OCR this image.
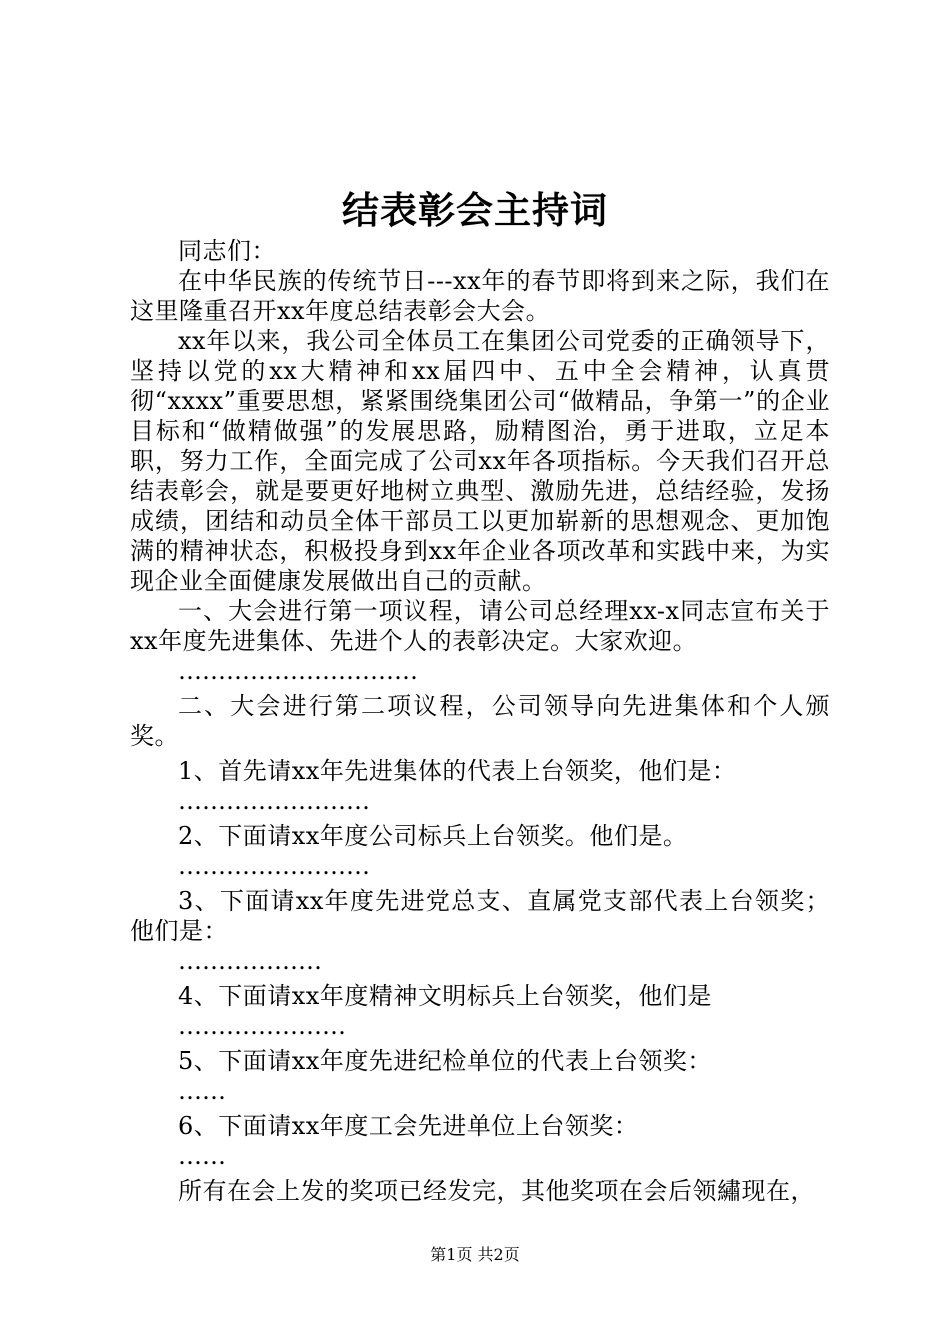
结表彰会主持词

同志们：

在中华民族的传统节日---xx年的春节即将到来之际，我们在这里隆重召开xx年度总结表彰会大会。

xx年以来，我公司全体员工在集团公司党委的正确领导下，坚持以党的xx大精神和xx届四中、五中全会精神，认真贯彻“xxxx”重要思想，紧紧围绕集团公司“做精品，争第一”的企业目标和“做精做强”的发展思路，励精图治，勇于进取，立足本职，努力工作，全面完成了公司xx年各项指标。今天我们召开总结表彰会，就是要更好地树立典型、激励先进，总结经验，发扬成绩，团结和动员全体干部员工以更加崭新的思想观念、更加饱满的精神状态，积极投身到xx年企业各项改革和实践中来，为实现企业全面健康发展做出自己的贡献。

一、大会进行第一项议程，请公司总经理xx-x同志宣布关于xx年度先进集体、先进个人的表彰决定。大家欢迎。

…………………………

二、大会进行第二项议程，公司领导向先进集体和个人颁奖。

1、首先请xx年先进集体的代表上台领奖，他们是：

……………………

2、下面请xx年度公司标兵上台领奖。他们是。

……………………

3、下面请xx年度先进党总支、直属党支部代表上台领奖；他们是：

………………

4、下面请xx年度精神文明标兵上台领奖，他们是

…………………

5、下面请xx年度先进纪检单位的代表上台领奖：

……

6、下面请xx年度工会先进单位上台领奖：

……

所有在会上发的奖项已经发完，其他奖项在会后领繡现在，

第1页 共2页
